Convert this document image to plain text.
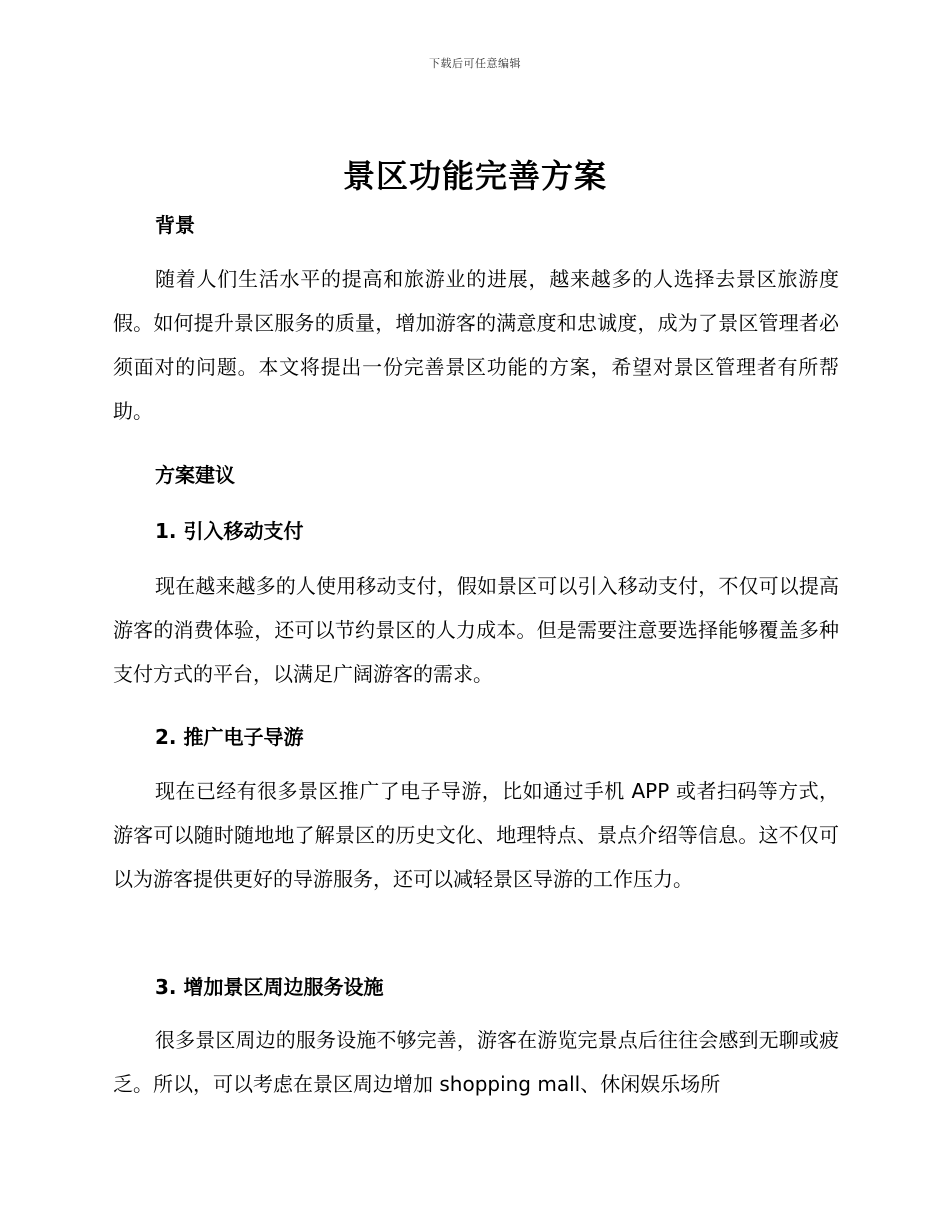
下载后可任意编辑
景区功能完善方案
背景
随着人们生活水平的提高和旅游业的进展，越来越多的人选择去景区旅游度假。如何提升景区服务的质量，增加游客的满意度和忠诚度，成为了景区管理者必须面对的问题。本文将提出一份完善景区功能的方案，希望对景区管理者有所帮助。
方案建议
1. 引入移动支付
现在越来越多的人使用移动支付，假如景区可以引入移动支付，不仅可以提高游客的消费体验，还可以节约景区的人力成本。但是需要注意要选择能够覆盖多种支付方式的平台，以满足广阔游客的需求。
2. 推广电子导游
现在已经有很多景区推广了电子导游，比如通过手机 APP 或者扫码等方式，游客可以随时随地地了解景区的历史文化、地理特点、景点介绍等信息。这不仅可以为游客提供更好的导游服务，还可以减轻景区导游的工作压力。
3. 增加景区周边服务设施
很多景区周边的服务设施不够完善，游客在游览完景点后往往会感到无聊或疲乏。所以，可以考虑在景区周边增加 shopping mall、休闲娱乐场所
